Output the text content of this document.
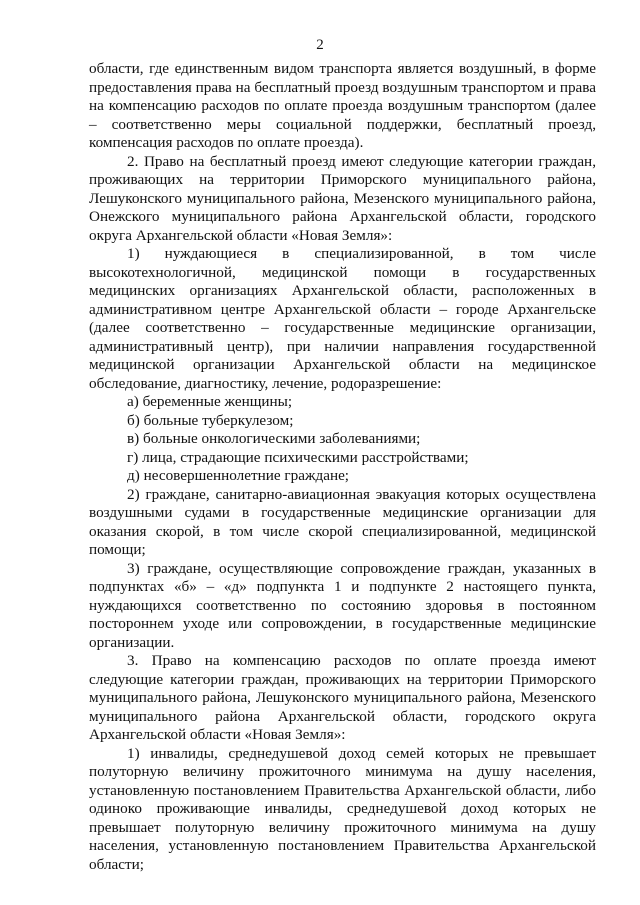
2

области, где единственным видом транспорта является воздушный, в форме предоставления права на бесплатный проезд воздушным транспортом и права на компенсацию расходов по оплате проезда воздушным транспортом (далее – соответственно меры социальной поддержки, бесплатный проезд, компенсация расходов по оплате проезда).

2. Право на бесплатный проезд имеют следующие категории граждан, проживающих на территории Приморского муниципального района, Лешуконского муниципального района, Мезенского муниципального района, Онежского муниципального района Архангельской области, городского округа Архангельской области «Новая Земля»:

1) нуждающиеся в специализированной, в том числе высокотехнологичной, медицинской помощи в государственных медицинских организациях Архангельской области, расположенных в административном центре Архангельской области – городе Архангельске (далее соответственно – государственные медицинские организации, административный центр), при наличии направления государственной медицинской организации Архангельской области на медицинское обследование, диагностику, лечение, родоразрешение:

а) беременные женщины;

б) больные туберкулезом;

в) больные онкологическими заболеваниями;

г) лица, страдающие психическими расстройствами;

д) несовершеннолетние граждане;

2) граждане, санитарно-авиационная эвакуация которых осуществлена воздушными судами в государственные медицинские организации для оказания скорой, в том числе скорой специализированной, медицинской помощи;

3) граждане, осуществляющие сопровождение граждан, указанных в подпунктах «б» – «д» подпункта 1 и подпункте 2 настоящего пункта, нуждающихся соответственно по состоянию здоровья в постоянном постороннем уходе или сопровождении, в государственные медицинские организации.

3. Право на компенсацию расходов по оплате проезда имеют следующие категории граждан, проживающих на территории Приморского муниципального района, Лешуконского муниципального района, Мезенского муниципального района Архангельской области, городского округа Архангельской области «Новая Земля»:

1) инвалиды, среднедушевой доход семей которых не превышает полуторную величину прожиточного минимума на душу населения, установленную постановлением Правительства Архангельской области, либо одиноко проживающие инвалиды, среднедушевой доход которых не превышает полуторную величину прожиточного минимума на душу населения, установленную постановлением Правительства Архангельской области;
